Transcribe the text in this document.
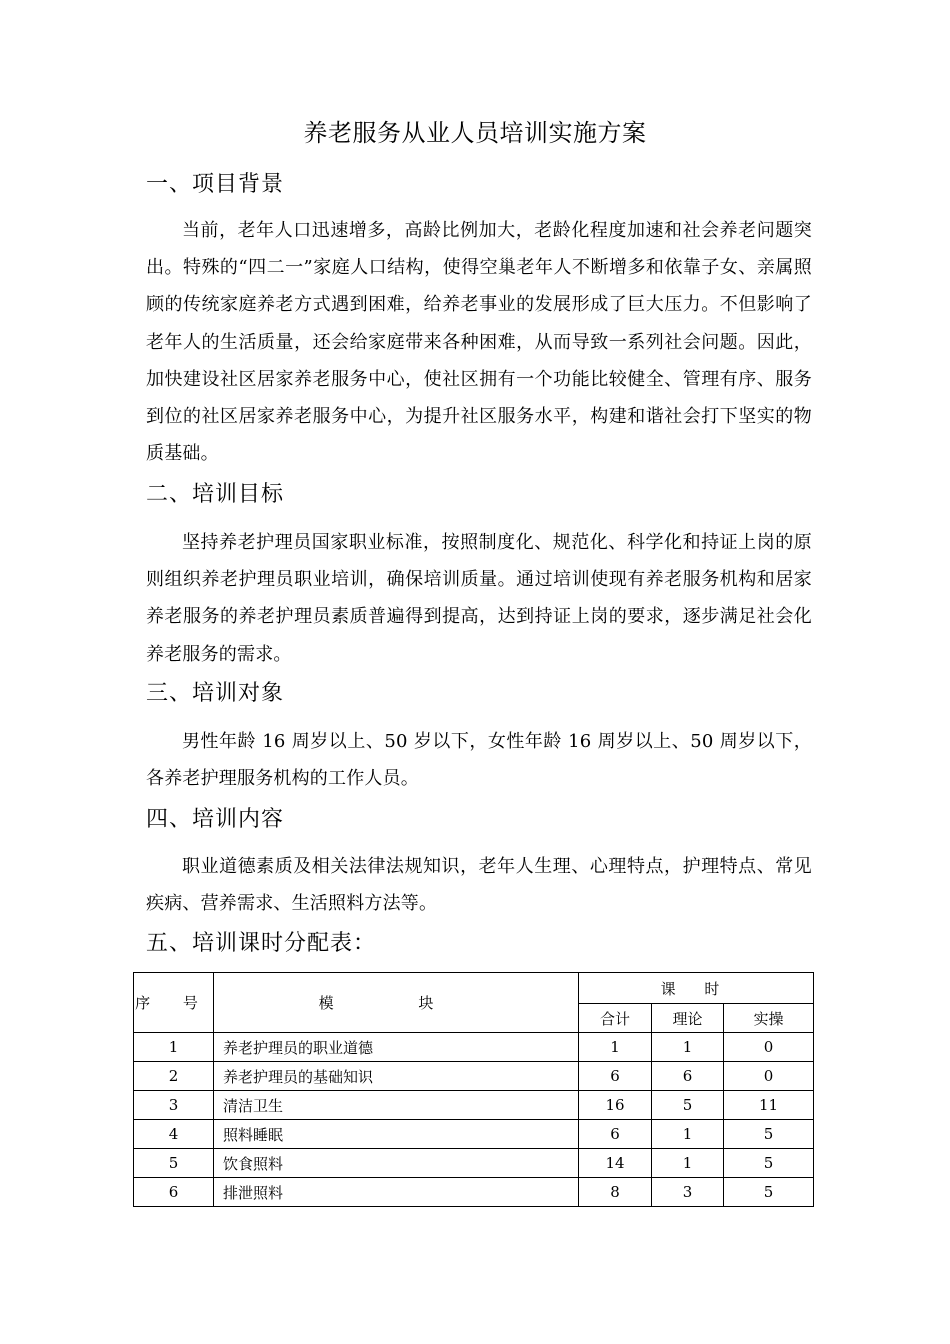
养老服务从业人员培训实施方案
一、项目背景
当前，老年人口迅速增多，高龄比例加大，老龄化程度加速和社会养老问题突出。特殊的“四二一”家庭人口结构，使得空巢老年人不断增多和依靠子女、亲属照顾的传统家庭养老方式遇到困难，给养老事业的发展形成了巨大压力。不但影响了老年人的生活质量，还会给家庭带来各种困难，从而导致一系列社会问题。因此，加快建设社区居家养老服务中心，使社区拥有一个功能比较健全、管理有序、服务到位的社区居家养老服务中心，为提升社区服务水平，构建和谐社会打下坚实的物质基础。
二、培训目标
坚持养老护理员国家职业标准，按照制度化、规范化、科学化和持证上岗的原则组织养老护理员职业培训，确保培训质量。通过培训使现有养老服务机构和居家养老服务的养老护理员素质普遍得到提高，达到持证上岗的要求，逐步满足社会化养老服务的需求。
三、培训对象
男性年龄 16 周岁以上、50 岁以下，女性年龄 16 周岁以上、50 周岁以下，各养老护理服务机构的工作人员。
四、培训内容
职业道德素质及相关法律法规知识，老年人生理、心理特点，护理特点、常见疾病、营养需求、生活照料方法等。
五、培训课时分配表：
序 号	模 块	课 时		
		合计	理论	实操
1	养老护理员的职业道德	1	1	0
2	养老护理员的基础知识	6	6	0
3	清洁卫生	16	5	11
4	照料睡眠	6	1	5
5	饮食照料	14	1	5
6	排泄照料	8	3	5
